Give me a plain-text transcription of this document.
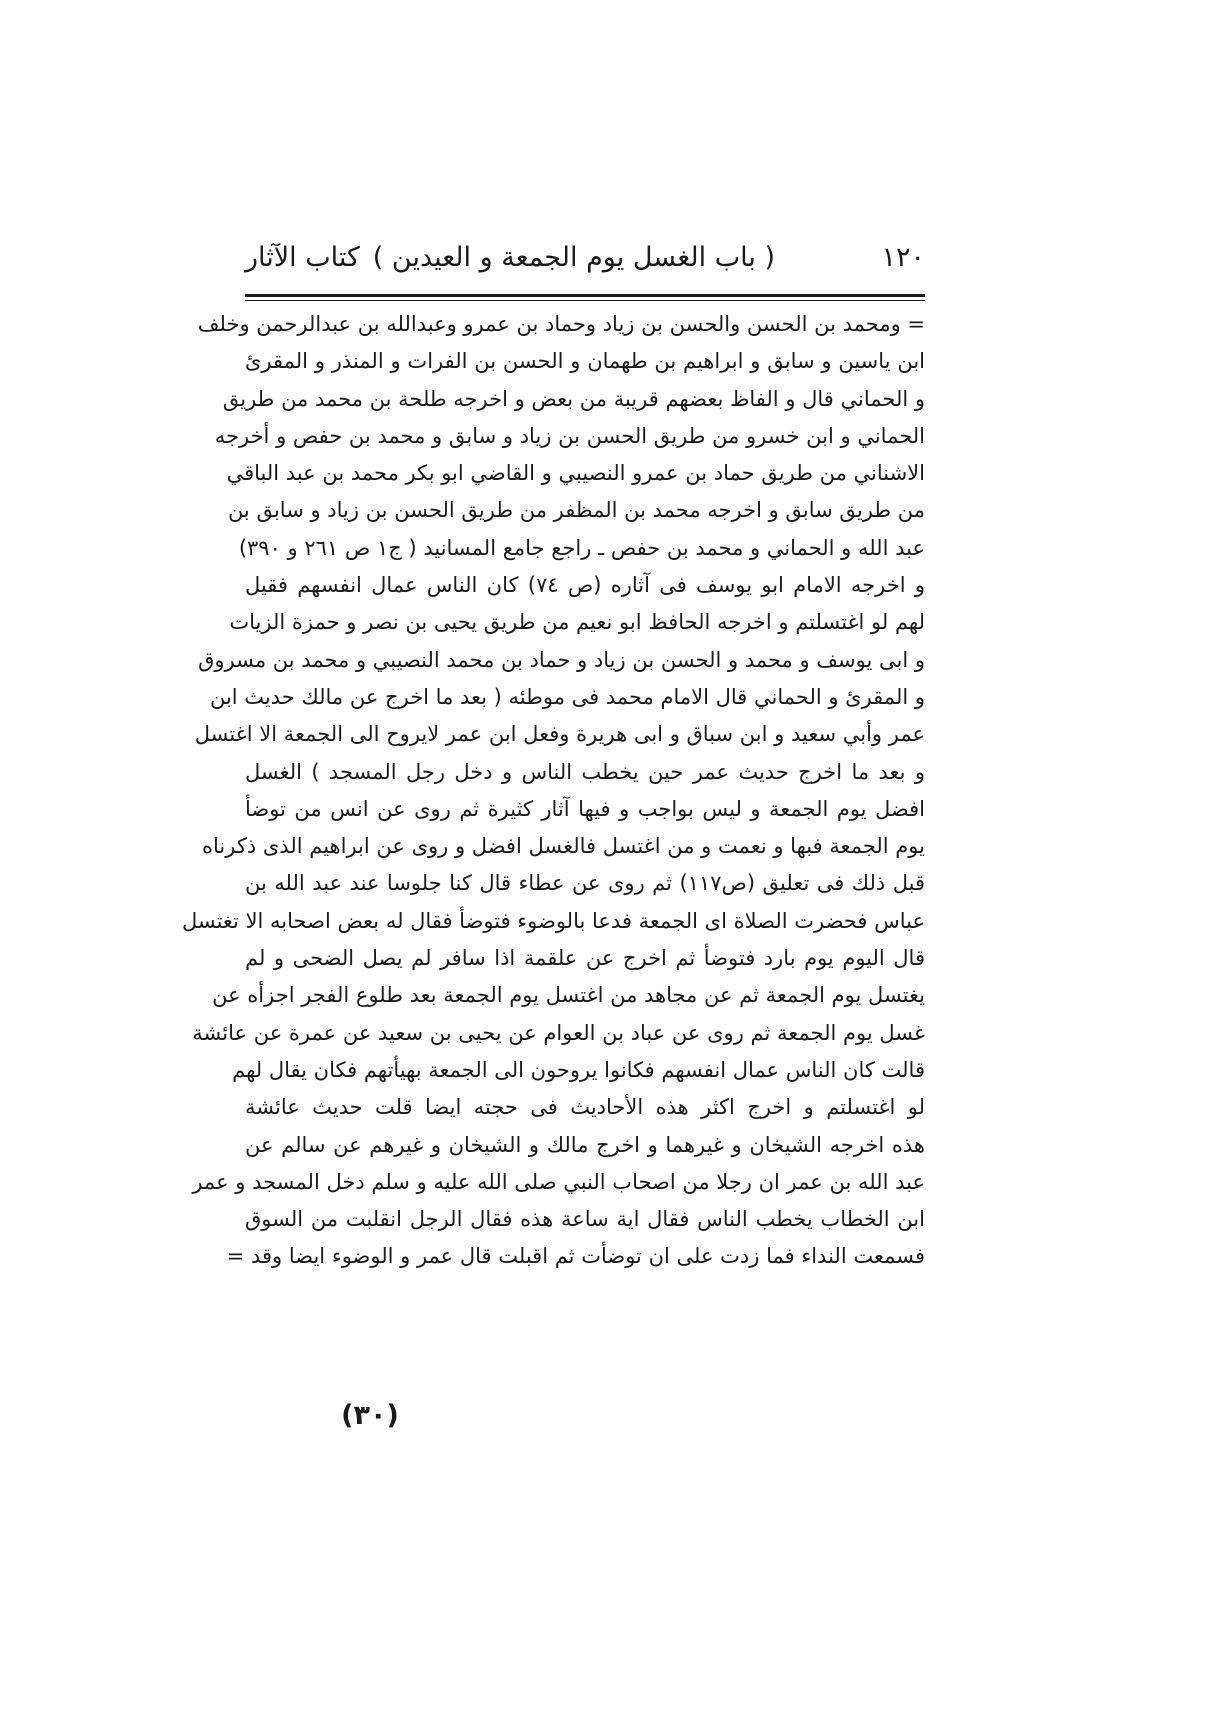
١٢٠
( باب الغسل يوم الجمعة و العيدين )
كتاب الآثار
= ومحمد بن الحسن والحسن بن زياد وحماد بن عمرو وعبدالله بن عبدالرحمن وخلف
ابن ياسين و سابق و ابراهيم بن طهمان و الحسن بن الفرات و المنذر و المقرئ
و الحماني قال و الفاظ بعضهم قريبة من بعض و اخرجه طلحة بن محمد من طريق
الحماني و ابن خسرو من طريق الحسن بن زياد و سابق و محمد بن حفص و أخرجه
الاشناني من طريق حماد بن عمرو النصيبي و القاضي ابو بكر محمد بن عبد الباقي
من طريق سابق و اخرجه محمد بن المظفر من طريق الحسن بن زياد و سابق بن
عبد الله و الحماني و محمد بن حفص ـ راجع جامع المسانيد ( ج١ ص ٢٦١ و ٣٩٠)
و اخرجه الامام ابو يوسف فى آثاره (ص ٧٤) كان الناس عمال انفسهم فقيل
لهم لو اغتسلتم و اخرجه الحافظ ابو نعيم من طريق يحيى بن نصر و حمزة الزيات
و ابى يوسف و محمد و الحسن بن زياد و حماد بن محمد النصيبي و محمد بن مسروق
و المقرئ و الحماني قال الامام محمد فى موطئه ( بعد ما اخرج عن مالك حديث ابن
عمر وأبي سعيد و ابن سباق و ابى هريرة وفعل ابن عمر لايروح الى الجمعة الا اغتسل
و بعد ما اخرج حديث عمر حين يخطب الناس و دخل رجل المسجد ) الغسل
افضل يوم الجمعة و ليس بواجب و فيها آثار كثيرة ثم روى عن انس من توضأ
يوم الجمعة فبها و نعمت و من اغتسل فالغسل افضل و روى عن ابراهيم الذى ذكرناه
قبل ذلك فى تعليق (ص١١٧) ثم روى عن عطاء قال كنا جلوسا عند عبد الله بن
عباس فحضرت الصلاة اى الجمعة فدعا بالوضوء فتوضأ فقال له بعض اصحابه الا تغتسل
قال اليوم يوم بارد فتوضأ ثم اخرج عن علقمة اذا سافر لم يصل الضحى و لم
يغتسل يوم الجمعة ثم عن مجاهد من اغتسل يوم الجمعة بعد طلوع الفجر اجزأه عن
غسل يوم الجمعة ثم روى عن عباد بن العوام عن يحيى بن سعيد عن عمرة عن عائشة
قالت كان الناس عمال انفسهم فكانوا يروحون الى الجمعة بهيأتهم فكان يقال لهم
لو اغتسلتم و اخرج اكثر هذه الأحاديث فى حجته ايضا قلت حديث عائشة
هذه اخرجه الشيخان و غيرهما و اخرج مالك و الشيخان و غيرهم عن سالم عن
عبد الله بن عمر ان رجلا من اصحاب النبي صلى الله عليه و سلم دخل المسجد و عمر
ابن الخطاب يخطب الناس فقال اية ساعة هذه فقال الرجل انقلبت من السوق
فسمعت النداء فما زدت على ان توضأت ثم اقبلت قال عمر و الوضوء ايضا وقد =
(٣٠)
